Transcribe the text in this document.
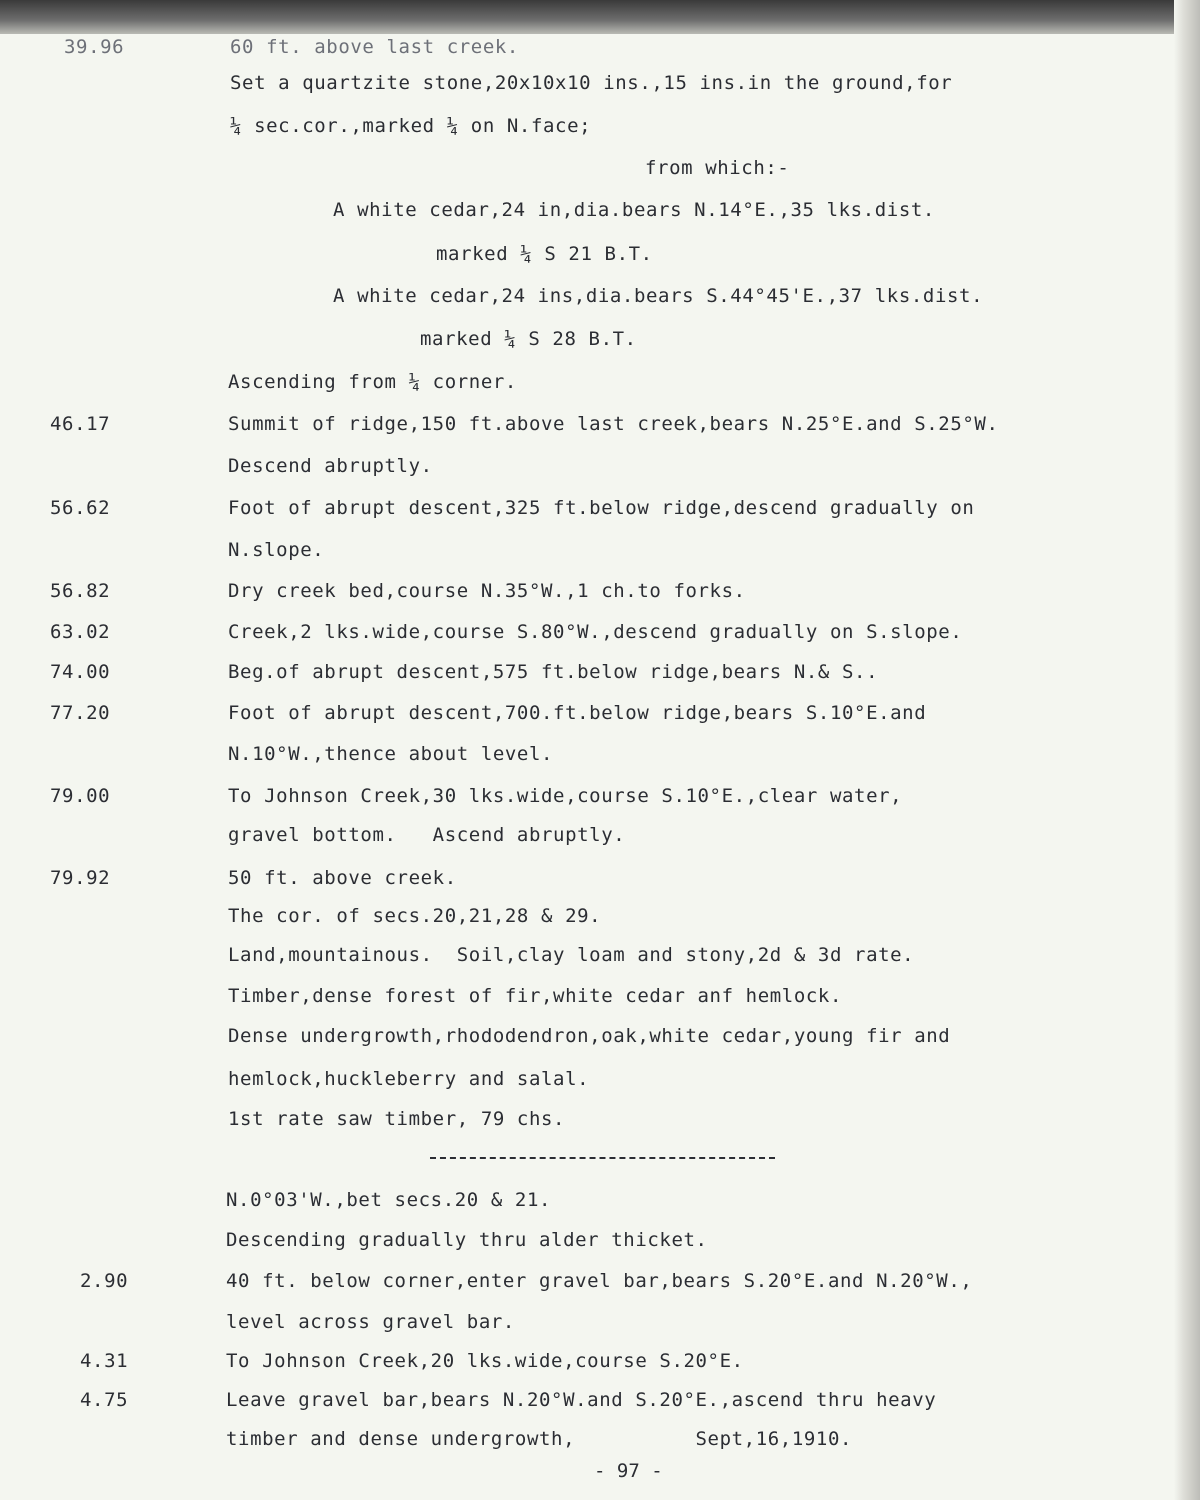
39.96

	60 ft. above last creek.

Set a quartzite stone,20x10x10 ins.,15 ins.in the ground,for

¼ sec.cor.,marked ¼ on N.face;

from which:-

A white cedar,24 in,dia.bears N.14°E.,35 lks.dist.

marked ¼ S 21 B.T.

A white cedar,24 ins,dia.bears S.44°45'E.,37 lks.dist.

marked ¼ S 28 B.T.

Ascending from ¼ corner.

46.17

	Summit of ridge,150 ft.above last creek,bears N.25°E.and S.25°W.

Descend abruptly.

56.62

	Foot of abrupt descent,325 ft.below ridge,descend gradually on

N.slope.

56.82

	Dry creek bed,course N.35°W.,1 ch.to forks.

63.02

	Creek,2 lks.wide,course S.80°W.,descend gradually on S.slope.

74.00

	Beg.of abrupt descent,575 ft.below ridge,bears N.& S..

77.20

	Foot of abrupt descent,700.ft.below ridge,bears S.10°E.and

N.10°W.,thence about level.

79.00

	To Johnson Creek,30 lks.wide,course S.10°E.,clear water,

gravel bottom.   Ascend abruptly.

79.92

	50 ft. above creek.

The cor. of secs.20,21,28 & 29.

Land,mountainous.  Soil,clay loam and stony,2d & 3d rate.

Timber,dense forest of fir,white cedar anf hemlock.

Dense undergrowth,rhododendron,oak,white cedar,young fir and

hemlock,huckleberry and salal.

1st rate saw timber, 79 chs.

N.0°03'W.,bet secs.20 & 21.

Descending gradually thru alder thicket.

2.90

	40 ft. below corner,enter gravel bar,bears S.20°E.and N.20°W.,

level across gravel bar.

4.31

	To Johnson Creek,20 lks.wide,course S.20°E.

4.75

	Leave gravel bar,bears N.20°W.and S.20°E.,ascend thru heavy

timber and dense undergrowth,          Sept,16,1910.

- 97 -
